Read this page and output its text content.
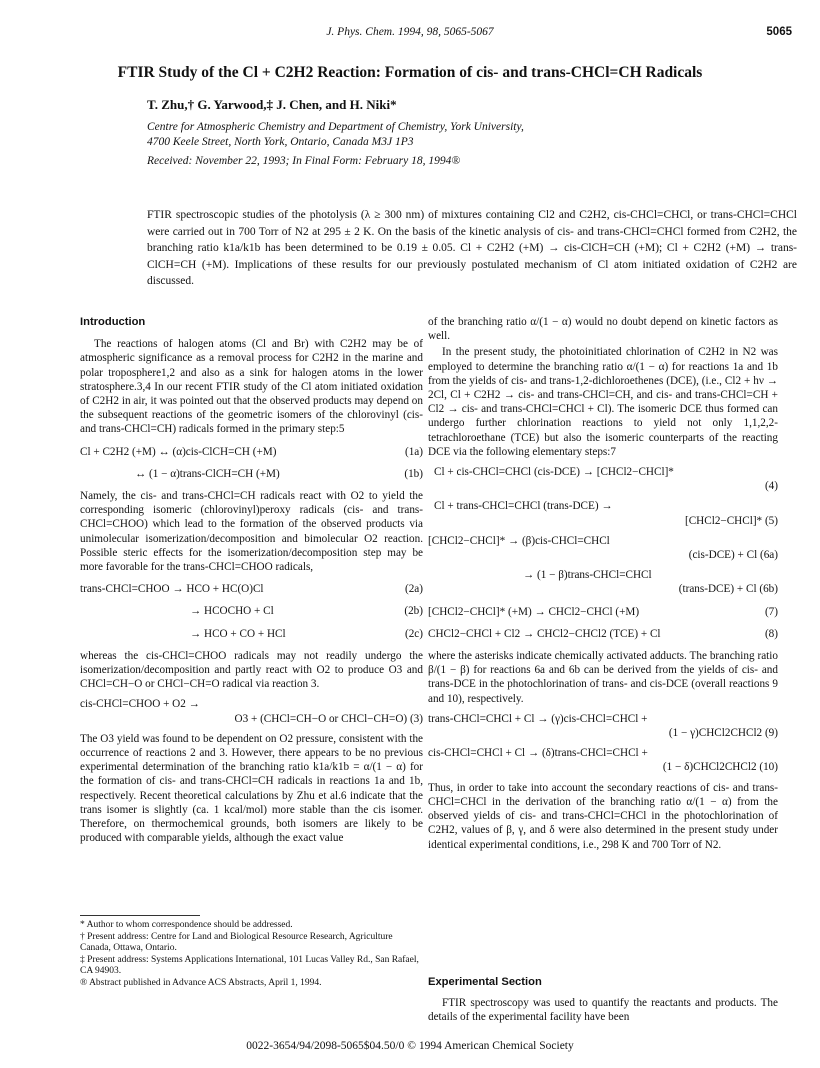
J. Phys. Chem. 1994, 98, 5065-5067	5065
FTIR Study of the Cl + C2H2 Reaction: Formation of cis- and trans-CHCl=CH Radicals
T. Zhu,† G. Yarwood,‡ J. Chen, and H. Niki*
Centre for Atmospheric Chemistry and Department of Chemistry, York University,
4700 Keele Street, North York, Ontario, Canada M3J 1P3
Received: November 22, 1993; In Final Form: February 18, 1994®
FTIR spectroscopic studies of the photolysis (λ ≥ 300 nm) of mixtures containing Cl2 and C2H2, cis-CHCl=CHCl, or trans-CHCl=CHCl were carried out in 700 Torr of N2 at 295 ± 2 K. On the basis of the kinetic analysis of cis- and trans-CHCl=CHCl formed from C2H2, the branching ratio k1a/k1b has been determined to be 0.19 ± 0.05. Cl + C2H2 (+M) → cis-ClCH=CH (+M); Cl + C2H2 (+M) → trans-ClCH=CH (+M). Implications of these results for our previously postulated mechanism of Cl atom initiated oxidation of C2H2 are discussed.
Introduction

The reactions of halogen atoms (Cl and Br) with C2H2 may be of atmospheric significance as a removal process for C2H2 in the marine and polar troposphere1,2 and also as a sink for halogen atoms in the lower stratosphere.3,4 In our recent FTIR study of the Cl atom initiated oxidation of C2H2 in air, it was pointed out that the observed products may depend on the subsequent reactions of the geometric isomers of the chlorovinyl (cis- and trans-CHCl=CH) radicals formed in the primary step:5

Cl + C2H2 (+M) ↔ (α)cis-ClCH=CH (+M)	(1a)
↔ (1 − α)trans-ClCH=CH (+M)	(1b)

Namely, the cis- and trans-CHCl=CH radicals react with O2 to yield the corresponding isomeric (chlorovinyl)peroxy radicals (cis- and trans-CHCl=CHOO) which lead to the formation of the observed products via unimolecular isomerization/decomposition and bimolecular O2 reaction. Possible steric effects for the isomerization/decomposition step may be more favorable for the trans-CHCl=CHOO radicals,

trans-CHCl=CHOO → HCO + HC(O)Cl	(2a)
→ HCOCHO + Cl	(2b)
→ HCO + CO + HCl	(2c)

whereas the cis-CHCl=CHOO radicals may not readily undergo the isomerization/decomposition and partly react with O2 to produce O3 and CHCl=CH−O or CHCl−CH=O radical via reaction 3.

cis-CHCl=CHOO + O2 →
O3 + (CHCl=CH−O or CHCl−CH=O)
(3)

The O3 yield was found to be dependent on O2 pressure, consistent with the occurrence of reactions 2 and 3. However, there appears to be no previous experimental determination of the branching ratio k1a/k1b = α/(1 − α) for the formation of cis- and trans-CHCl=CH radicals in reactions 1a and 1b, respectively. Recent theoretical calculations by Zhu et al.6 indicate that the trans isomer is slightly (ca. 1 kcal/mol) more stable than the cis isomer. Therefore, on thermochemical grounds, both isomers are likely to be produced with comparable yields, although the exact value

* Author to whom correspondence should be addressed.
† Present address: Centre for Land and Biological Resource Research, Agriculture Canada, Ottawa, Ontario.
‡ Present address: Systems Applications International, 101 Lucas Valley Rd., San Rafael, CA 94903.
® Abstract published in Advance ACS Abstracts, April 1, 1994.

of the branching ratio α/(1 − α) would no doubt depend on kinetic factors as well.

In the present study, the photoinitiated chlorination of C2H2 in N2 was employed to determine the branching ratio α/(1 − α) for reactions 1a and 1b from the yields of cis- and trans-1,2-dichloroethenes (DCE), (i.e., Cl2 + hν → 2Cl, Cl + C2H2 → cis- and trans-CHCl=CH, and cis- and trans-CHCl=CH + Cl2 → cis- and trans-CHCl=CHCl + Cl). The isomeric DCE thus formed can undergo further chlorination reactions to yield not only 1,1,2,2-tetrachloroethane (TCE) but also the isomeric counterparts of the reacting DCE via the following elementary steps:7

Cl + cis-CHCl=CHCl (cis-DCE) → [CHCl2−CHCl]*
(4)
Cl + trans-CHCl=CHCl (trans-DCE) →
[CHCl2−CHCl]*
(5)
[CHCl2−CHCl]* → (β)cis-CHCl=CHCl
(cis-DCE) + Cl
(6a)
→ (1 − β)trans-CHCl=CHCl
(trans-DCE) + Cl
(6b)
[CHCl2−CHCl]* (+M) → CHCl2−CHCl (+M)	(7)
CHCl2−CHCl + Cl2 → CHCl2−CHCl2 (TCE) + Cl	(8)

where the asterisks indicate chemically activated adducts. The branching ratio β/(1 − β) for reactions 6a and 6b can be derived from the yields of cis- and trans-DCE in the photochlorination of trans- and cis-DCE (overall reactions 9 and 10), respectively.

trans-CHCl=CHCl + Cl → (γ)cis-CHCl=CHCl +
(1 − γ)CHCl2CHCl2
(9)
cis-CHCl=CHCl + Cl → (δ)trans-CHCl=CHCl +
(1 − δ)CHCl2CHCl2
(10)

Thus, in order to take into account the secondary reactions of cis- and trans-CHCl=CHCl in the derivation of the branching ratio α/(1 − α) from the observed yields of cis- and trans-CHCl=CHCl in the photochlorination of C2H2, values of β, γ, and δ were also determined in the present study under identical experimental conditions, i.e., 298 K and 700 Torr of N2.

Experimental Section
FTIR spectroscopy was used to quantify the reactants and products. The details of the experimental facility have been
0022-3654/94/2098-5065$04.50/0 © 1994 American Chemical Society
